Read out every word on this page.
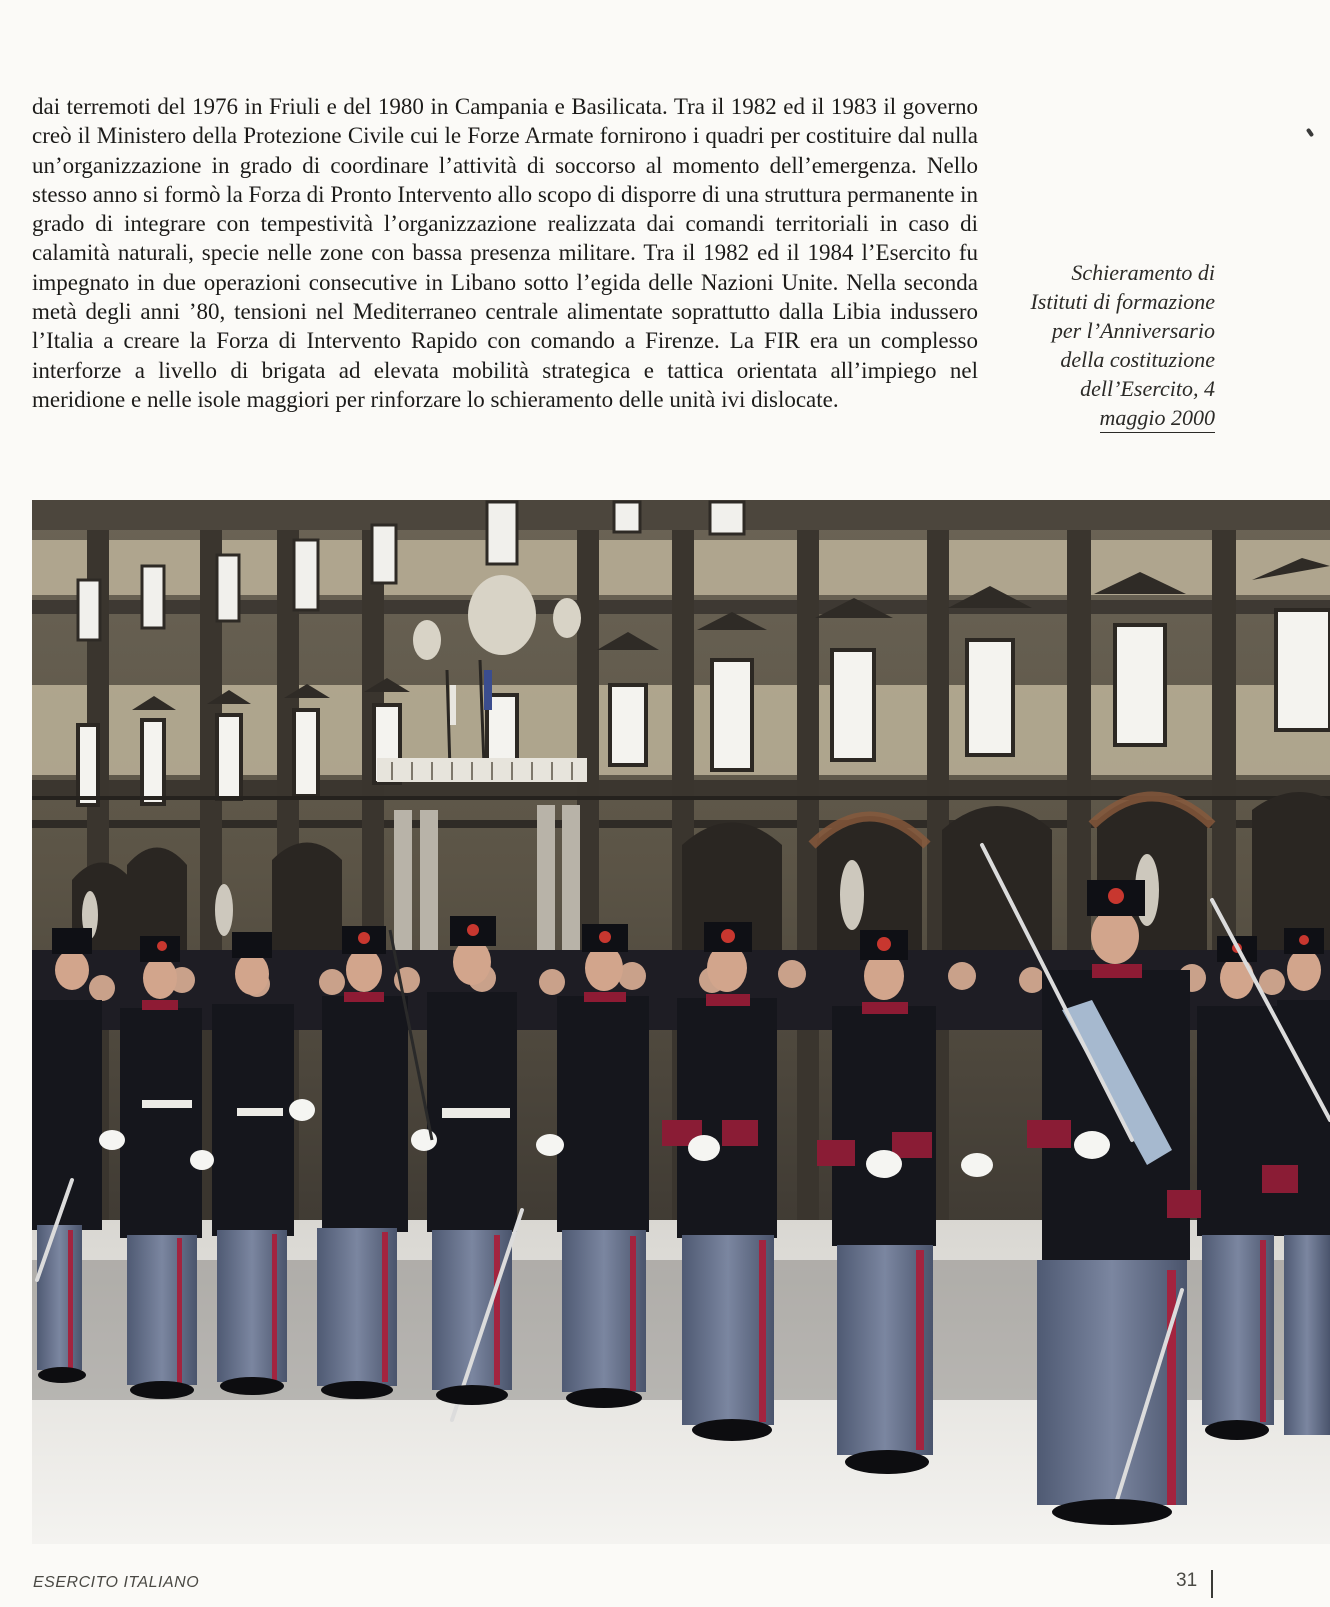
dai terremoti del 1976 in Friuli e del 1980 in Campania e Basilicata. Tra il 1982 ed il 1983 il governo creò il Ministero della Protezione Civile cui le Forze Armate fornirono i quadri per costituire dal nulla un’organizzazione in grado di coordinare l’attività di soccorso al momento dell’emergenza. Nello stesso anno si formò la Forza di Pronto Intervento allo scopo di disporre di una struttura permanente in grado di integrare con tempestività l’organizzazione realizzata dai comandi territoriali in caso di calamità naturali, specie nelle zone con bassa presenza militare. Tra il 1982 ed il 1984 l’Esercito fu impegnato in due operazioni consecutive in Libano sotto l’egida delle Nazioni Unite. Nella seconda metà degli anni ’80, tensioni nel Mediterraneo centrale alimentate soprattutto dalla Libia indussero l’Italia a creare la Forza di Intervento Rapido con comando a Firenze. La FIR era un complesso interforze a livello di brigata ad elevata mobilità strategica e tattica orientata all’impiego nel meridione e nelle isole maggiori per rinforzare lo schieramento delle unità ivi dislocate.

Schieramento di
Istituti di formazione
per l’Anniversario
della costituzione
dell’Esercito, 4
maggio 2000
ESERCITO ITALIANO	31
